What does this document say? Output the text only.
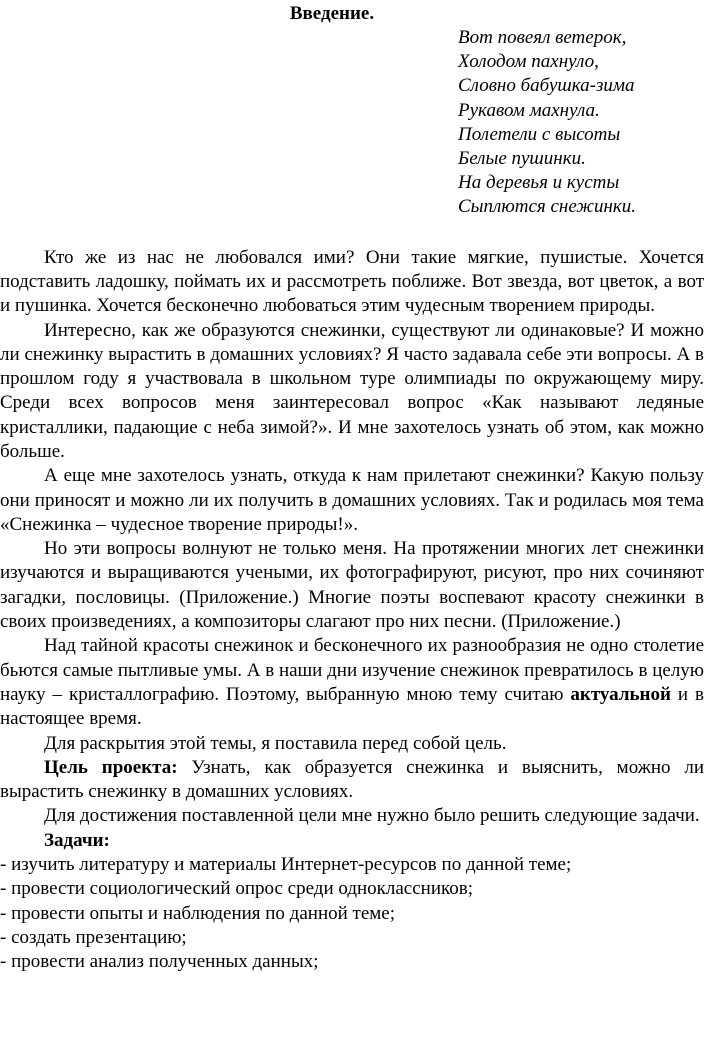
Введение.
Вот повеял ветерок,
Холодом пахнуло,
Словно бабушка-зима
Рукавом махнула.
Полетели с высоты
Белые пушинки.
На деревья и кусты
Сыплются снежинки.

Кто же из нас не любовался ими? Они такие мягкие, пушистые. Хочется подставить ладошку, поймать их и рассмотреть поближе. Вот звезда, вот цветок, а вот и пушинка. Хочется бесконечно любоваться этим чудесным творением природы.

Интересно, как же образуются снежинки, существуют ли одинаковые? И можно ли снежинку вырастить в домашних условиях? Я часто задавала себе эти вопросы. А в прошлом году я участвовала в школьном туре олимпиады по окружающему миру. Среди всех вопросов меня заинтересовал вопрос «Как называют ледяные кристаллики, падающие с неба зимой?». И мне захотелось узнать об этом, как можно больше.

А еще мне захотелось узнать, откуда к нам прилетают снежинки? Какую пользу они приносят и можно ли их получить в домашних условиях. Так и родилась моя тема «Снежинка – чудесное творение природы!».

Но эти вопросы волнуют не только меня. На протяжении многих лет снежинки изучаются и выращиваются учеными, их фотографируют, рисуют, про них сочиняют загадки, пословицы. (Приложение.) Многие поэты воспевают красоту снежинки в своих произведениях, а композиторы слагают про них песни. (Приложение.)

Над тайной красоты снежинок и бесконечного их разнообразия не одно столетие бьются самые пытливые умы. А в наши дни изучение снежинок превратилось в целую науку – кристаллографию. Поэтому, выбранную мною тему считаю актуальной и в настоящее время.

Для раскрытия этой темы, я поставила перед собой цель.

Цель проекта: Узнать, как образуется снежинка и выяснить, можно ли вырастить снежинку в домашних условиях.

Для достижения поставленной цели мне нужно было решить следующие задачи.

Задачи:

- изучить литературу и материалы Интернет-ресурсов по данной теме;

- провести социологический опрос среди одноклассников;

- провести опыты и наблюдения по данной теме;

- создать презентацию;

- провести анализ полученных данных;
